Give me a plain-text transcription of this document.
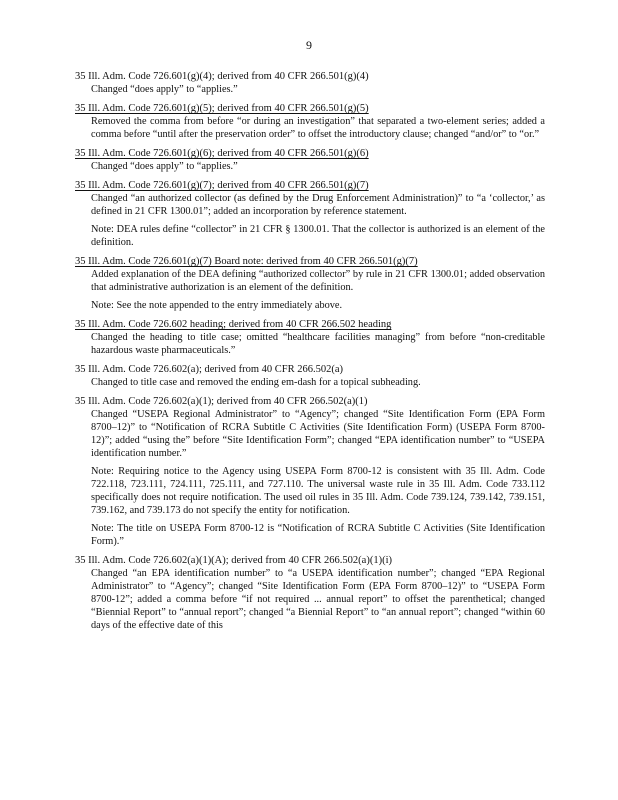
9
35 Ill. Adm. Code 726.601(g)(4); derived from 40 CFR 266.501(g)(4)
Changed “does apply” to “applies.”
35 Ill. Adm. Code 726.601(g)(5); derived from 40 CFR 266.501(g)(5)
Removed the comma from before “or during an investigation” that separated a two-element series; added a comma before “until after the preservation order” to offset the introductory clause; changed “and/or” to “or.”
35 Ill. Adm. Code 726.601(g)(6); derived from 40 CFR 266.501(g)(6)
Changed “does apply” to “applies.”
35 Ill. Adm. Code 726.601(g)(7); derived from 40 CFR 266.501(g)(7)
Changed “an authorized collector (as defined by the Drug Enforcement Administration)” to “a ‘collector,’ as defined in 21 CFR 1300.01”; added an incorporation by reference statement.
Note: DEA rules define “collector” in 21 CFR § 1300.01. That the collector is authorized is an element of the definition.
35 Ill. Adm. Code 726.601(g)(7) Board note: derived from 40 CFR 266.501(g)(7)
Added explanation of the DEA defining “authorized collector” by rule in 21 CFR 1300.01; added observation that administrative authorization is an element of the definition.
Note: See the note appended to the entry immediately above.
35 Ill. Adm. Code 726.602 heading; derived from 40 CFR 266.502 heading
Changed the heading to title case; omitted “healthcare facilities managing” from before “non-creditable hazardous waste pharmaceuticals.”
35 Ill. Adm. Code 726.602(a); derived from 40 CFR 266.502(a)
Changed to title case and removed the ending em-dash for a topical subheading.
35 Ill. Adm. Code 726.602(a)(1); derived from 40 CFR 266.502(a)(1)
Changed “USEPA Regional Administrator” to “Agency”; changed “Site Identification Form (EPA Form 8700–12)” to “Notification of RCRA Subtitle C Activities (Site Identification Form) (USEPA Form 8700-12)”; added “using the” before “Site Identification Form”; changed “EPA identification number” to “USEPA identification number.”
Note: Requiring notice to the Agency using USEPA Form 8700-12 is consistent with 35 Ill. Adm. Code 722.118, 723.111, 724.111, 725.111, and 727.110. The universal waste rule in 35 Ill. Adm. Code 733.112 specifically does not require notification. The used oil rules in 35 Ill. Adm. Code 739.124, 739.142, 739.151, 739.162, and 739.173 do not specify the entity for notification.
Note: The title on USEPA Form 8700-12 is “Notification of RCRA Subtitle C Activities (Site Identification Form).”
35 Ill. Adm. Code 726.602(a)(1)(A); derived from 40 CFR 266.502(a)(1)(i)
Changed “an EPA identification number” to “a USEPA identification number”; changed “EPA Regional Administrator” to “Agency”; changed “Site Identification Form (EPA Form 8700–12)” to “USEPA Form 8700-12”; added a comma before “if not required ... annual report” to offset the parenthetical; changed “Biennial Report” to “annual report”; changed “a Biennial Report” to “an annual report”; changed “within 60 days of the effective date of this
